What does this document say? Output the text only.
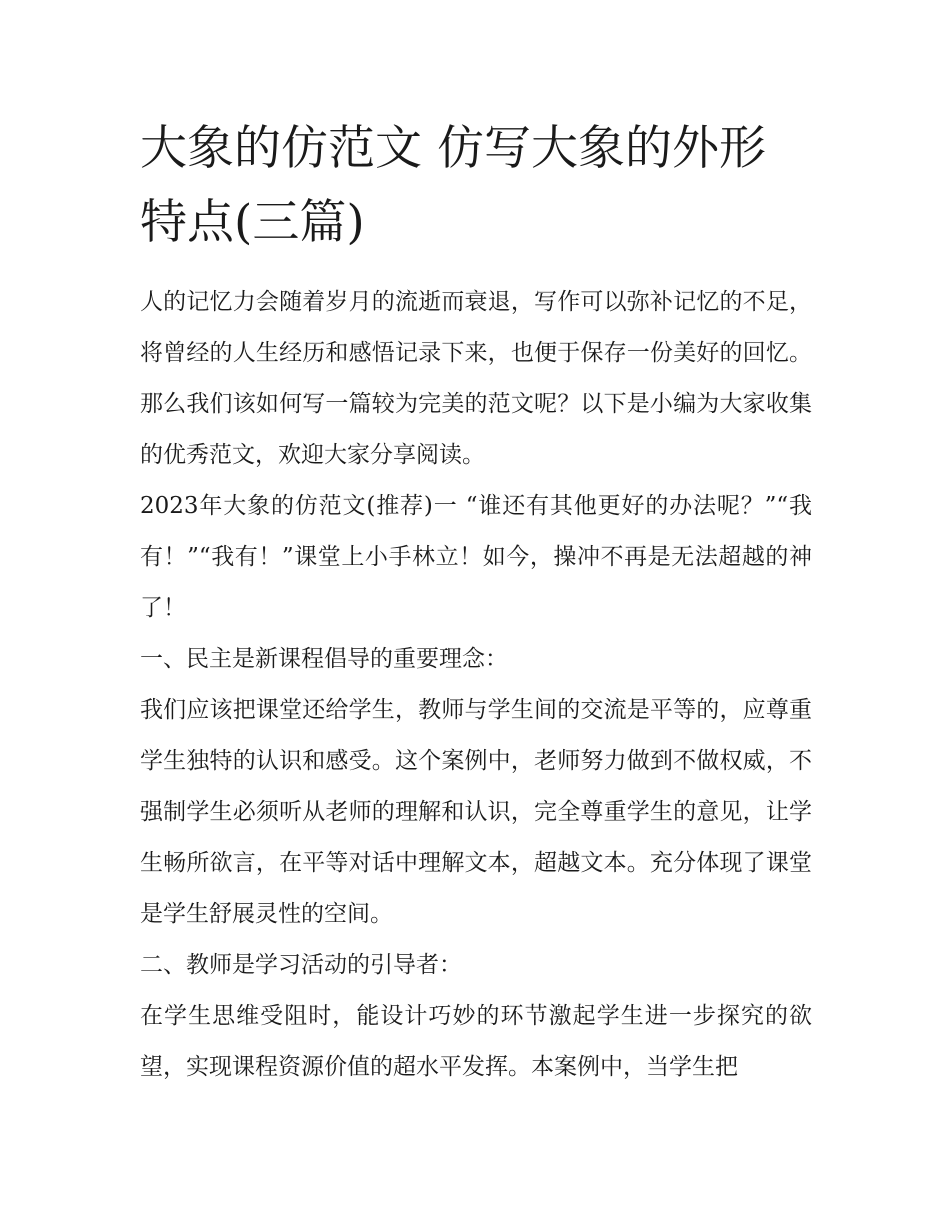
大象的仿范文 仿写大象的外形特点(三篇)

人的记忆力会随着岁月的流逝而衰退，写作可以弥补记忆的不足，将曾经的人生经历和感悟记录下来，也便于保存一份美好的回忆。那么我们该如何写一篇较为完美的范文呢？以下是小编为大家收集的优秀范文，欢迎大家分享阅读。

2023年大象的仿范文(推荐)一 “谁还有其他更好的办法呢？”“我有！”“我有！”课堂上小手林立！如今，操冲不再是无法超越的神了！

一、民主是新课程倡导的重要理念：

我们应该把课堂还给学生，教师与学生间的交流是平等的，应尊重学生独特的认识和感受。这个案例中，老师努力做到不做权威，不强制学生必须听从老师的理解和认识，完全尊重学生的意见，让学生畅所欲言，在平等对话中理解文本，超越文本。充分体现了课堂是学生舒展灵性的空间。

二、教师是学习活动的引导者：

在学生思维受阻时，能设计巧妙的环节激起学生进一步探究的欲望，实现课程资源价值的超水平发挥。本案例中，当学生把
